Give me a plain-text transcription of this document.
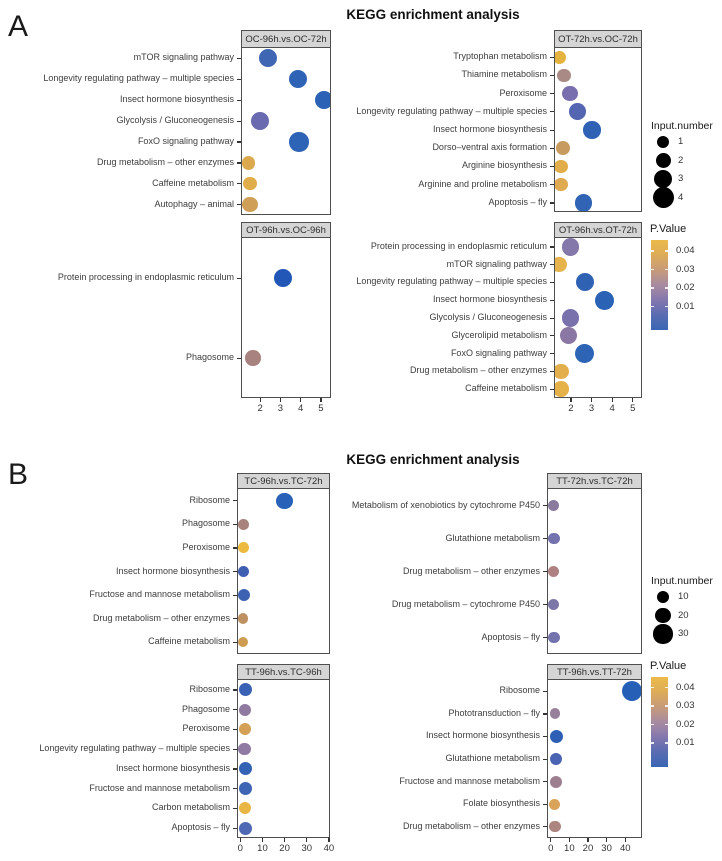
A	KEGG enrichment analysis
OC-96h.vs.OC-72h
mTOR signaling pathway
Longevity regulating pathway – multiple species
Insect hormone biosynthesis
Glycolysis / Gluconeogenesis
FoxO signaling pathway
Drug metabolism – other enzymes
Caffeine metabolism
Autophagy – animal
OT-72h.vs.OC-72h
Tryptophan metabolism
Thiamine metabolism
Peroxisome
Longevity regulating pathway – multiple species
Insect hormone biosynthesis
Dorso–ventral axis formation
Arginine biosynthesis
Arginine and proline metabolism
Apoptosis – fly
OT-96h.vs.OC-96h
Protein processing in endoplasmic reticulum
Phagosome
2	3	4	5
OT-96h.vs.OT-72h
Protein processing in endoplasmic reticulum
mTOR signaling pathway
Longevity regulating pathway – multiple species
Insect hormone biosynthesis
Glycolysis / Gluconeogenesis
Glycerolipid metabolism
FoxO signaling pathway
Drug metabolism – other enzymes
Caffeine metabolism
2	3	4	5
Input.number
1
2
3
4
P.Value
0.04
0.03
0.02
0.01
B	KEGG enrichment analysis
TC-96h.vs.TC-72h
Ribosome
Phagosome
Peroxisome
Insect hormone biosynthesis
Fructose and mannose metabolism
Drug metabolism – other enzymes
Caffeine metabolism
TT-72h.vs.TC-72h
Metabolism of xenobiotics by cytochrome P450
Glutathione metabolism
Drug metabolism – other enzymes
Drug metabolism – cytochrome P450
Apoptosis – fly
TT-96h.vs.TC-96h
Ribosome
Phagosome
Peroxisome
Longevity regulating pathway – multiple species
Insect hormone biosynthesis
Fructose and mannose metabolism
Carbon metabolism
Apoptosis – fly
0	10	20	30	40
TT-96h.vs.TT-72h
Ribosome
Phototransduction – fly
Insect hormone biosynthesis
Glutathione metabolism
Fructose and mannose metabolism
Folate biosynthesis
Drug metabolism – other enzymes
0	10 20 30 40
Input.number
10
20
30
P.Value
0.04
0.03
0.02
0.01
